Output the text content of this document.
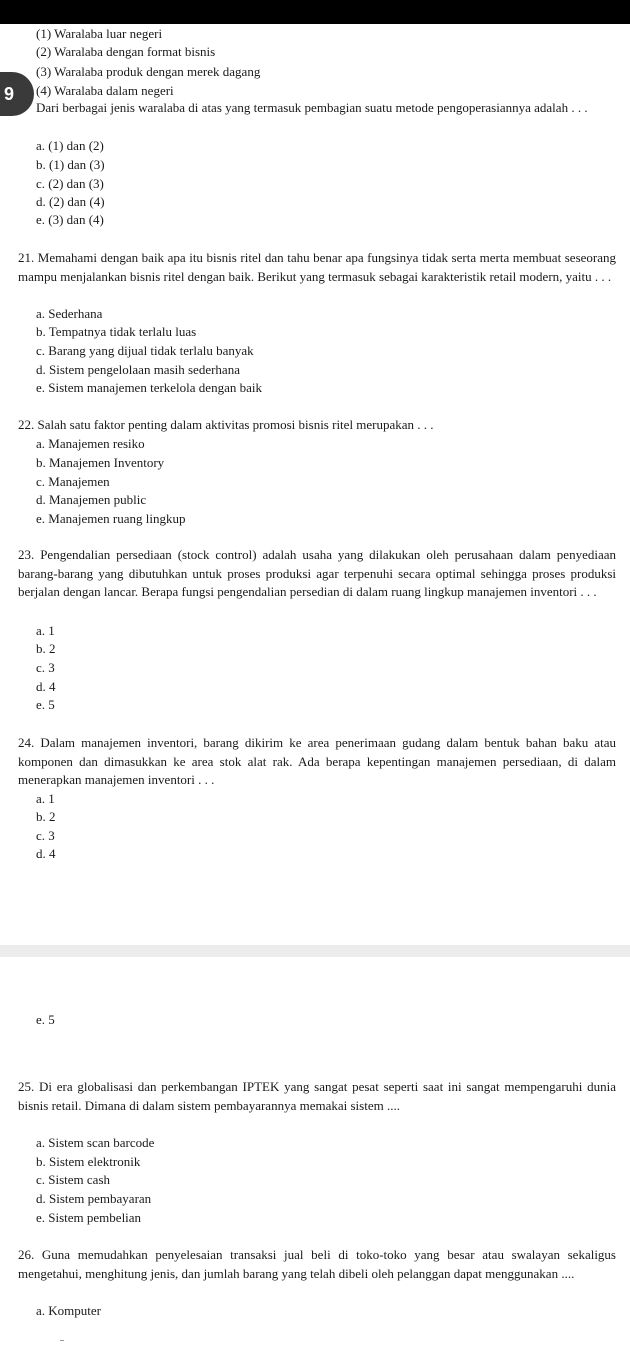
9
(1) Waralaba luar negeri
(2) Waralaba dengan format bisnis
(3) Waralaba produk dengan merek dagang
(4) Waralaba dalam negeri
Dari berbagai jenis waralaba di atas yang termasuk pembagian suatu metode pengoperasiannya adalah . . .
a. (1) dan (2)
b. (1) dan (3)
c. (2) dan (3)
d. (2) dan (4)
e. (3) dan (4)
21. Memahami dengan baik apa itu bisnis ritel dan tahu benar apa fungsinya tidak serta merta membuat seseorang mampu menjalankan bisnis ritel dengan baik. Berikut yang termasuk sebagai karakteristik retail modern, yaitu . . .
a. Sederhana
b. Tempatnya tidak terlalu luas
c. Barang yang dijual tidak terlalu banyak
d. Sistem pengelolaan masih sederhana
e. Sistem manajemen terkelola dengan baik
22. Salah satu faktor penting dalam aktivitas promosi bisnis ritel merupakan . . .
a. Manajemen resiko
b. Manajemen Inventory
c. Manajemen
d. Manajemen public
e. Manajemen ruang lingkup
23. Pengendalian persediaan (stock control) adalah usaha yang dilakukan oleh perusahaan dalam penyediaan barang-barang yang dibutuhkan untuk proses produksi agar terpenuhi secara optimal sehingga proses produksi berjalan dengan lancar. Berapa fungsi pengendalian persedian di dalam ruang lingkup manajemen inventori . . .
a. 1
b. 2
c. 3
d. 4
e. 5
24. Dalam manajemen inventori, barang dikirim ke area penerimaan gudang dalam bentuk bahan baku atau komponen dan dimasukkan ke area stok alat rak. Ada berapa kepentingan manajemen persediaan, di dalam menerapkan manajemen inventori . . .
a. 1
b. 2
c. 3
d. 4
e. 5
25. Di era globalisasi dan perkembangan IPTEK yang sangat pesat seperti saat ini sangat mempengaruhi dunia bisnis retail. Dimana di dalam sistem pembayarannya memakai sistem ....
a. Sistem scan barcode
b. Sistem elektronik
c. Sistem cash
d. Sistem pembayaran
e. Sistem pembelian
26. Guna memudahkan penyelesaian transaksi jual beli di toko-toko yang besar atau swalayan sekaligus mengetahui, menghitung jenis, dan jumlah barang yang telah dibeli oleh pelanggan dapat menggunakan ....
a. Komputer
